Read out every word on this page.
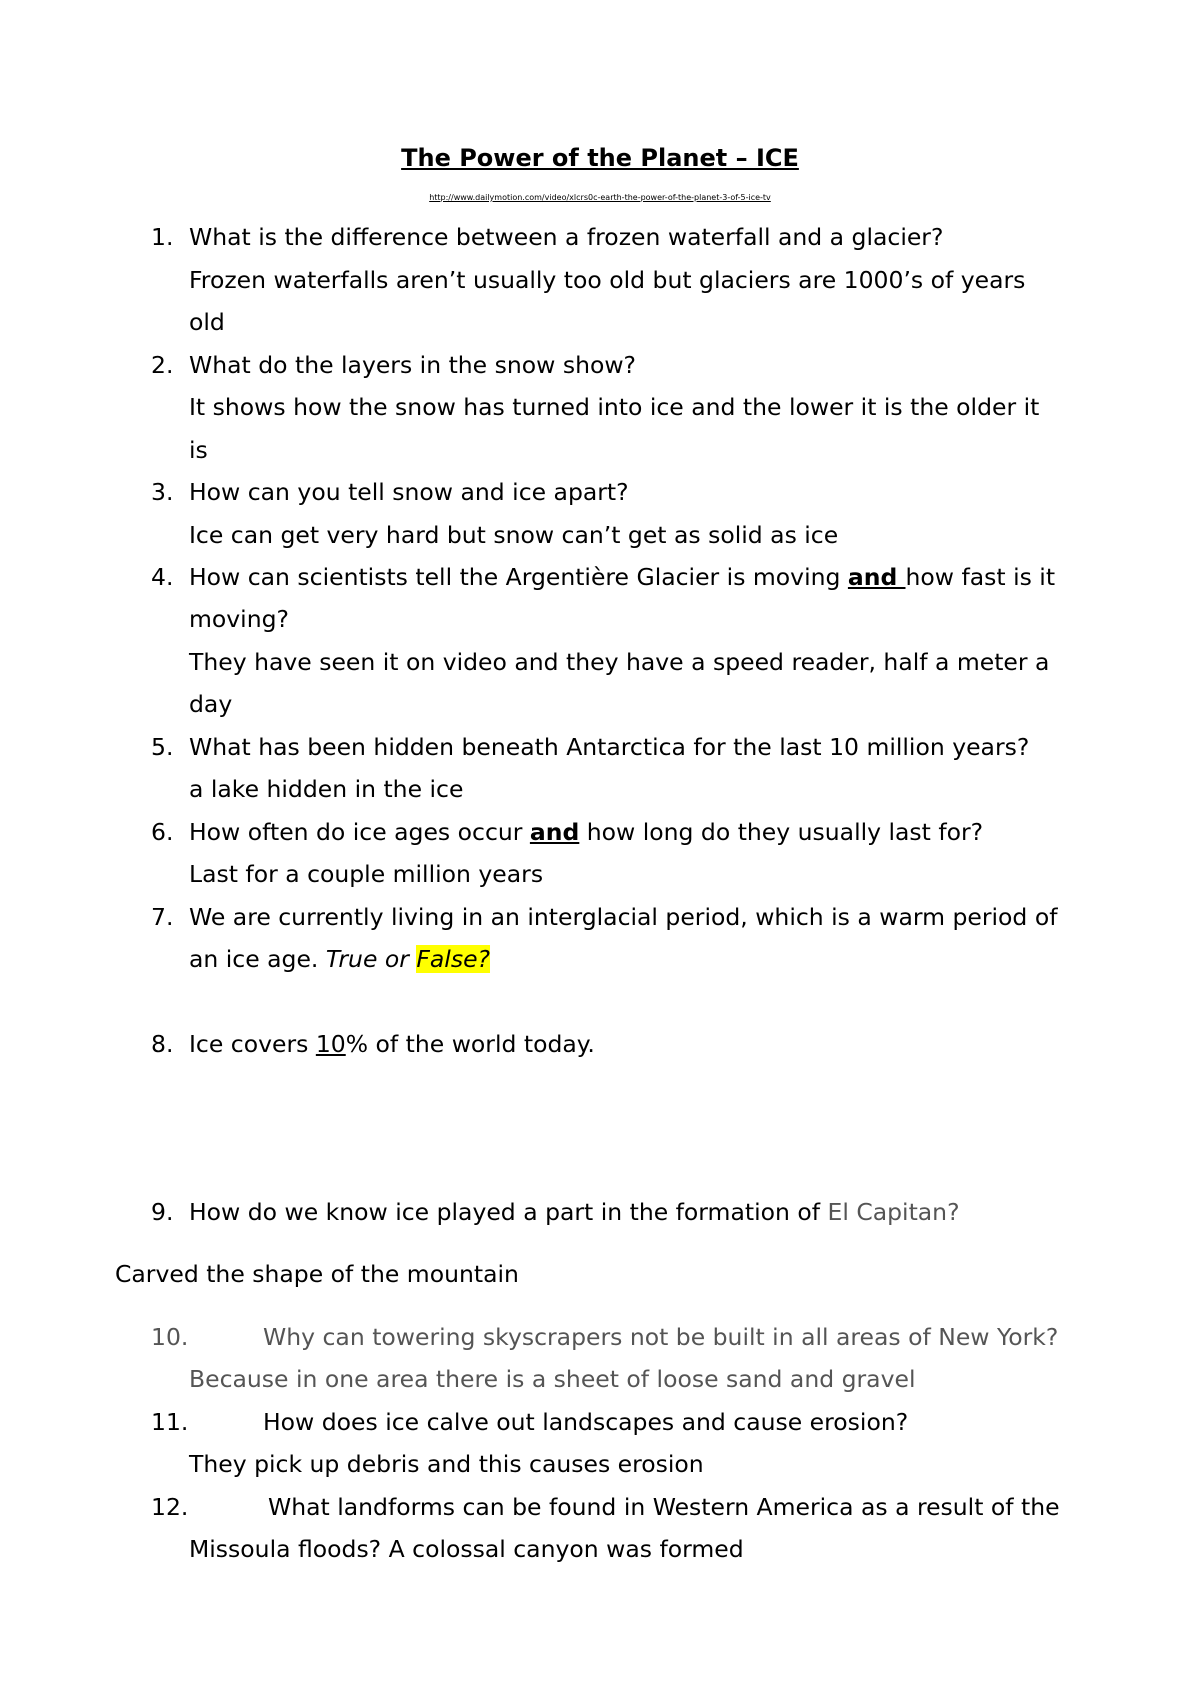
The Power of the Planet – ICE
http://www.dailymotion.com/video/xlcrs0c-earth-the-power-of-the-planet-3-of-5-ice-tv
1. What is the difference between a frozen waterfall and a glacier?
Frozen waterfalls aren’t usually too old but glaciers are 1000’s of years
old
2. What do the layers in the snow show?
It shows how the snow has turned into ice and the lower it is the older it
is
3. How can you tell snow and ice apart?
Ice can get very hard but snow can’t get as solid as ice
4. How can scientists tell the Argentière Glacier is moving and how fast is it
moving?
They have seen it on video and they have a speed reader, half a meter a
day
5. What has been hidden beneath Antarctica for the last 10 million years?
a lake hidden in the ice
6. How often do ice ages occur and how long do they usually last for?
Last for a couple million years
7. We are currently living in an interglacial period, which is a warm period of
an ice age. True or False?
8. Ice covers 10% of the world today.
9. How do we know ice played a part in the formation of El Capitan?
Carved the shape of the mountain
10.	Why can towering skyscrapers not be built in all areas of New York?
Because in one area there is a sheet of loose sand and gravel
11.	How does ice calve out landscapes and cause erosion?
They pick up debris and this causes erosion
12.	What landforms can be found in Western America as a result of the
Missoula floods? A colossal canyon was formed
